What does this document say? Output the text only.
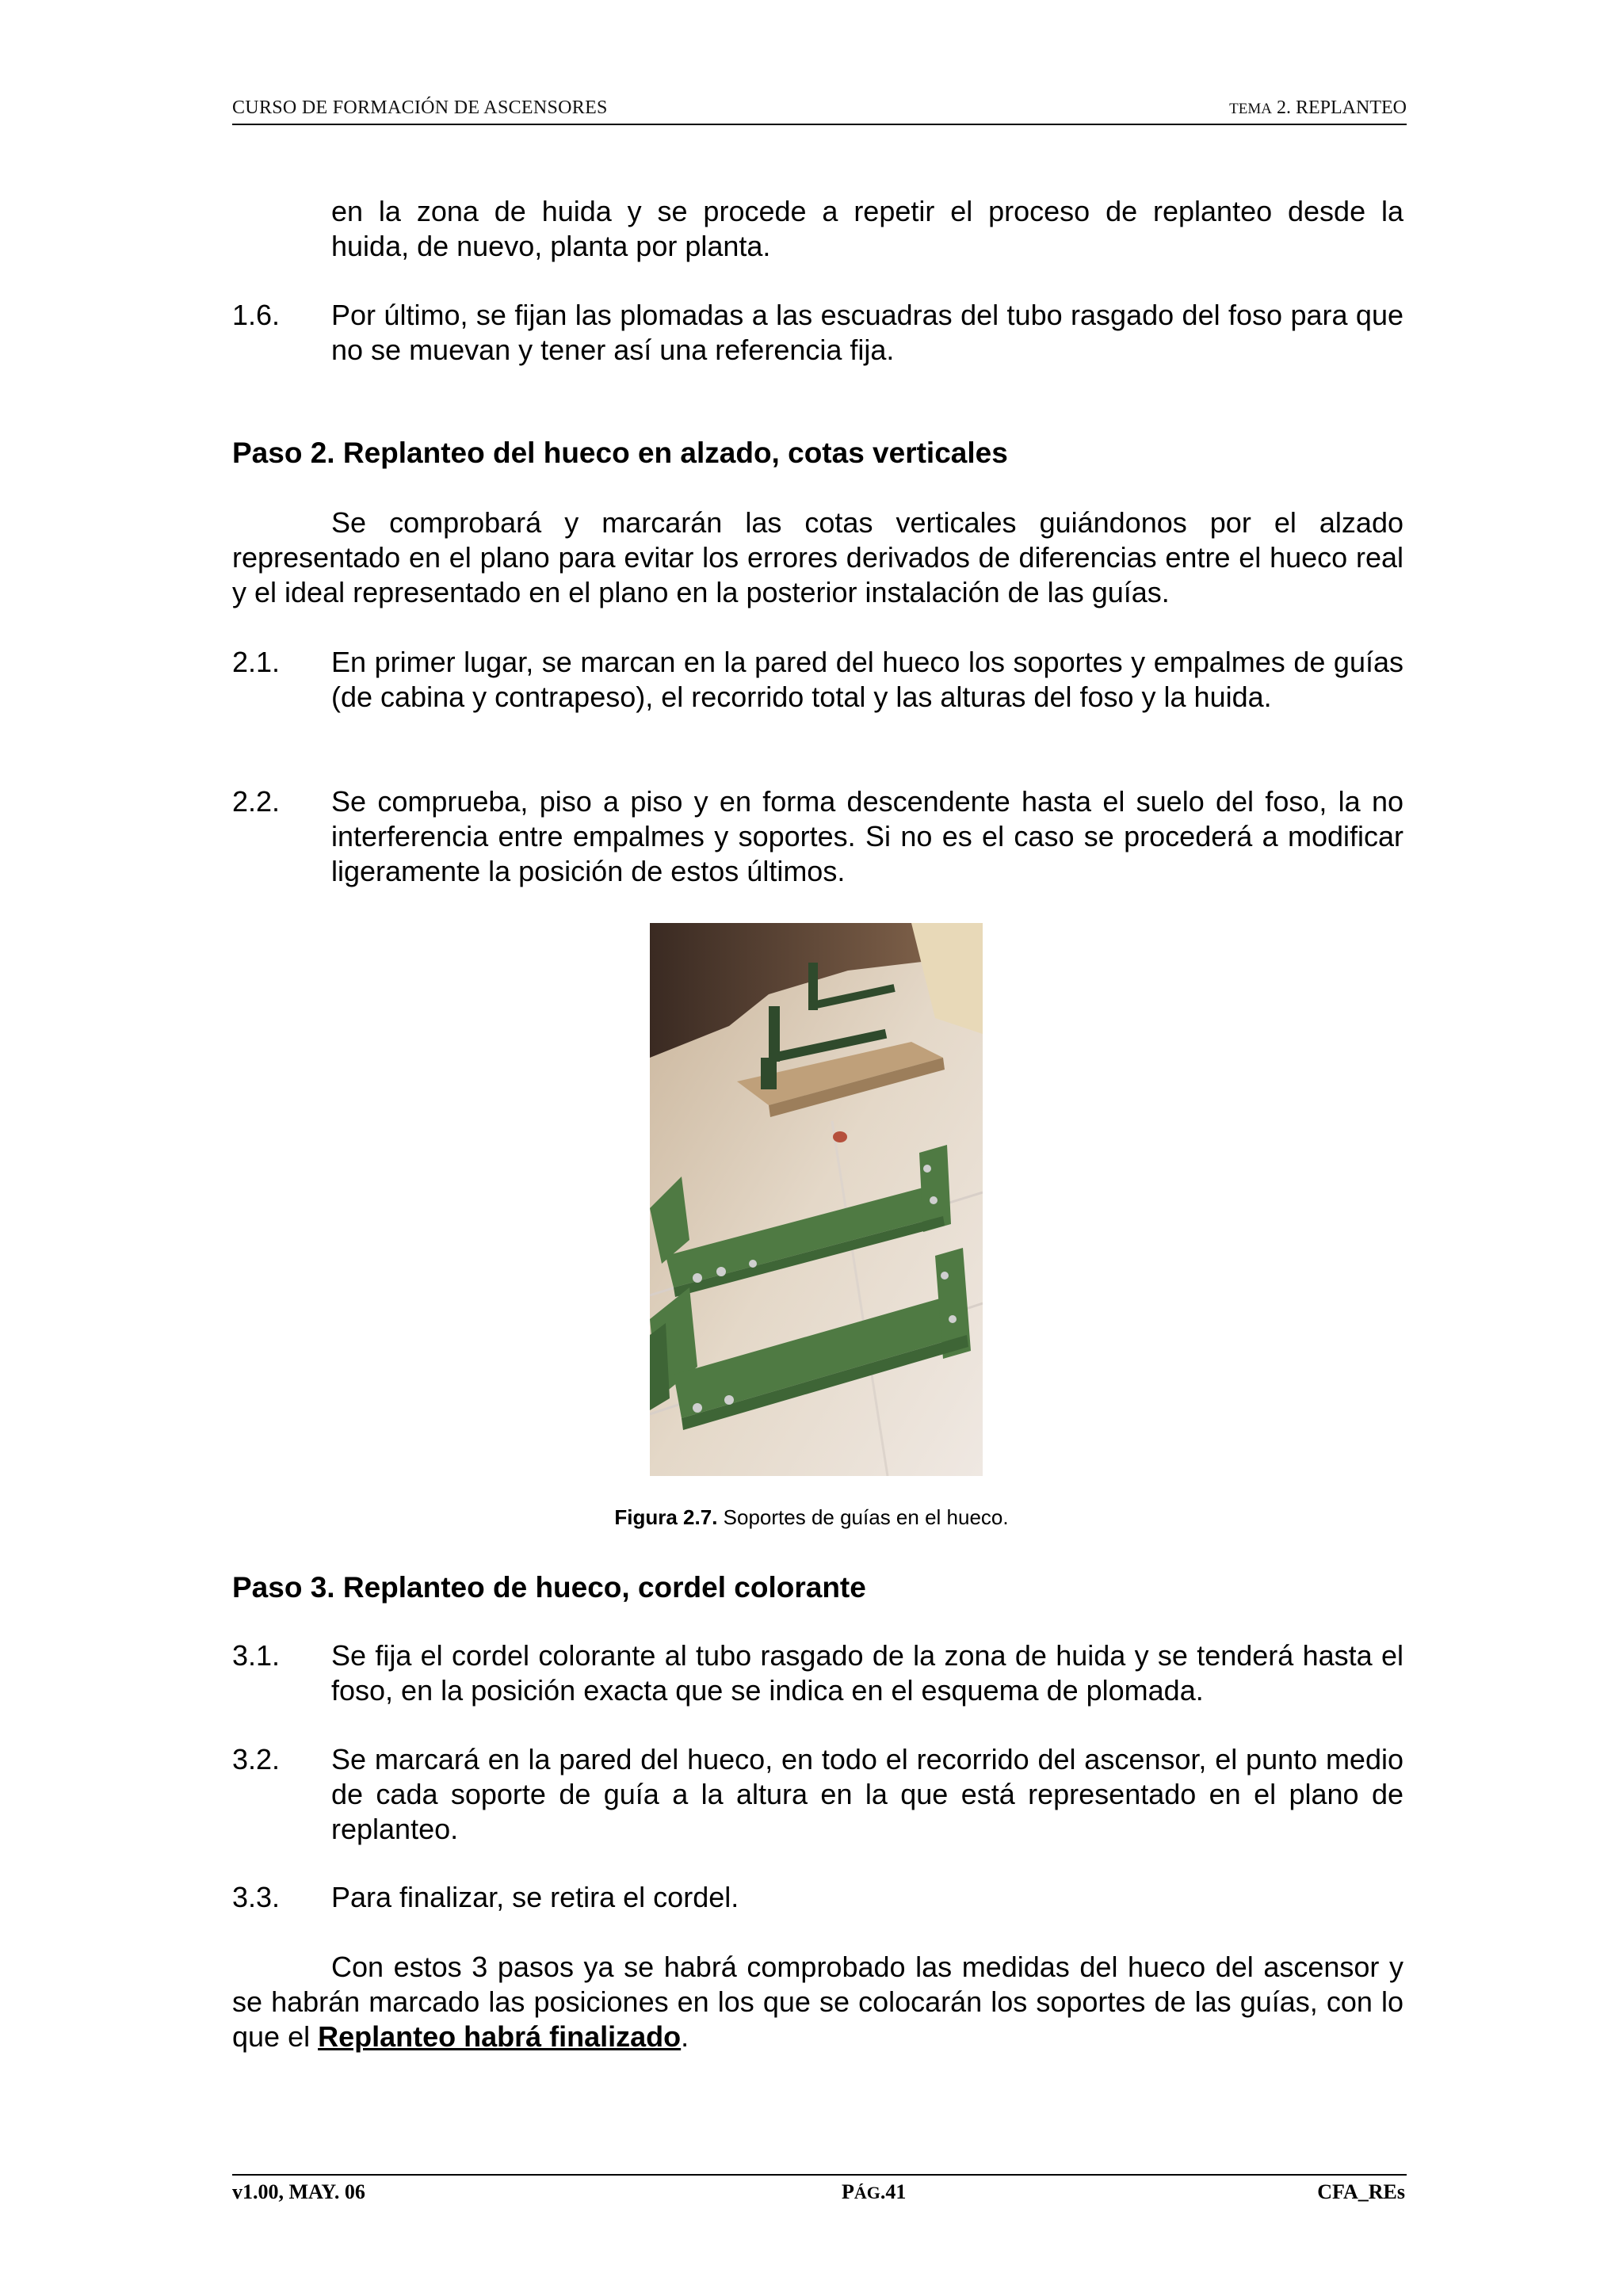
CURSO DE FORMACIÓN DE ASCENSORES	TEMA 2. REPLANTEO
en la zona de huida y se procede a repetir el proceso de replanteo desde la
huida, de nuevo, planta por planta.
1.6. Por último, se fijan las plomadas a las escuadras del tubo rasgado del foso para que no se muevan y tener así una referencia fija.
Paso 2. Replanteo del hueco en alzado, cotas verticales
Se comprobará y marcarán las cotas verticales guiándonos por el alzado representado en el plano para evitar los errores derivados de diferencias entre el hueco real y el ideal representado en el plano en la posterior instalación de las guías.
2.1. En primer lugar, se marcan en la pared del hueco los soportes y empalmes de guías (de cabina y contrapeso), el recorrido total y las alturas del foso y la huida.
2.2. Se comprueba, piso a piso y en forma descendente hasta el suelo del foso, la no interferencia entre empalmes y soportes. Si no es el caso se procederá a modificar ligeramente la posición de estos últimos.
Figura 2.7. Soportes de guías en el hueco.
Paso 3. Replanteo de hueco, cordel colorante
3.1. Se fija el cordel colorante al tubo rasgado de la zona de huida y se tenderá hasta el foso, en la posición exacta que se indica en el esquema de plomada.
3.2. Se marcará en la pared del hueco, en todo el recorrido del ascensor, el punto medio de cada soporte de guía a la altura en la que está representado en el plano de replanteo.
3.3. Para finalizar, se retira el cordel.
Con estos 3 pasos ya se habrá comprobado las medidas del hueco del ascensor y se habrán marcado las posiciones en los que se colocarán los soportes de las guías, con lo que el Replanteo habrá finalizado.
v1.00, MAY. 06	PÁG.41	CFA_REs
